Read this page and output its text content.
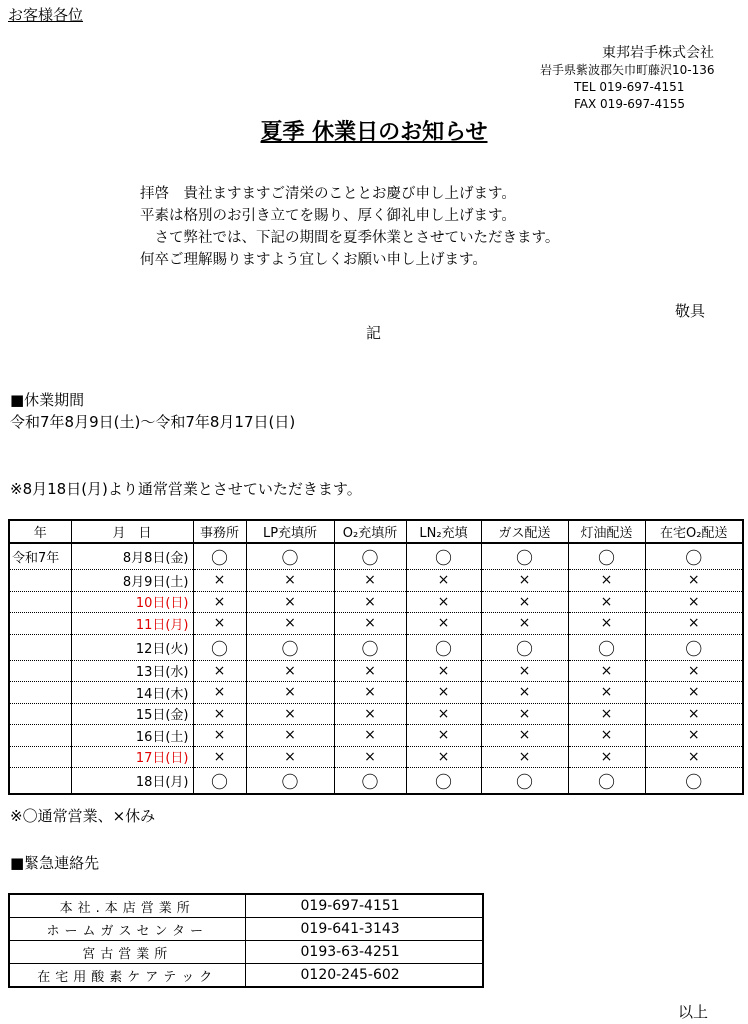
お客様各位
東邦岩手株式会社
岩手県紫波郡矢巾町藤沢10-136
TEL 019-697-4151
FAX 019-697-4155
夏季 休業日のお知らせ
拝啓　貴社ますますご清栄のこととお慶び申し上げます。
平素は格別のお引き立てを賜り、厚く御礼申し上げます。
　さて弊社では、下記の期間を夏季休業とさせていただきます。
何卒ご理解賜りますよう宜しくお願い申し上げます。
敬具
記
■休業期間
令和7年8月9日(土)～令和7年8月17日(日)
※8月18日(月)より通常営業とさせていただきます。
年	月　日	事務所	LP充填所	O₂充填所	LN₂充填	ガス配送	灯油配送	在宅O₂配送
令和7年	8月8日(金)	〇	〇	〇	〇	〇	〇	〇
	8月9日(土)	×	×	×	×	×	×	×
	10日(日)	×	×	×	×	×	×	×
	11日(月)	×	×	×	×	×	×	×
	12日(火)	〇	〇	〇	〇	〇	〇	〇
	13日(水)	×	×	×	×	×	×	×
	14日(木)	×	×	×	×	×	×	×
	15日(金)	×	×	×	×	×	×	×
	16日(土)	×	×	×	×	×	×	×
	17日(日)	×	×	×	×	×	×	×
	18日(月)	〇	〇	〇	〇	〇	〇	〇
※〇通常営業、×休み
■緊急連絡先
本社.本店営業所	019-697-4151
ホームガスセンター	019-641-3143
宮古営業所	0193-63-4251
在宅用酸素ケアテック	0120-245-602
以上
